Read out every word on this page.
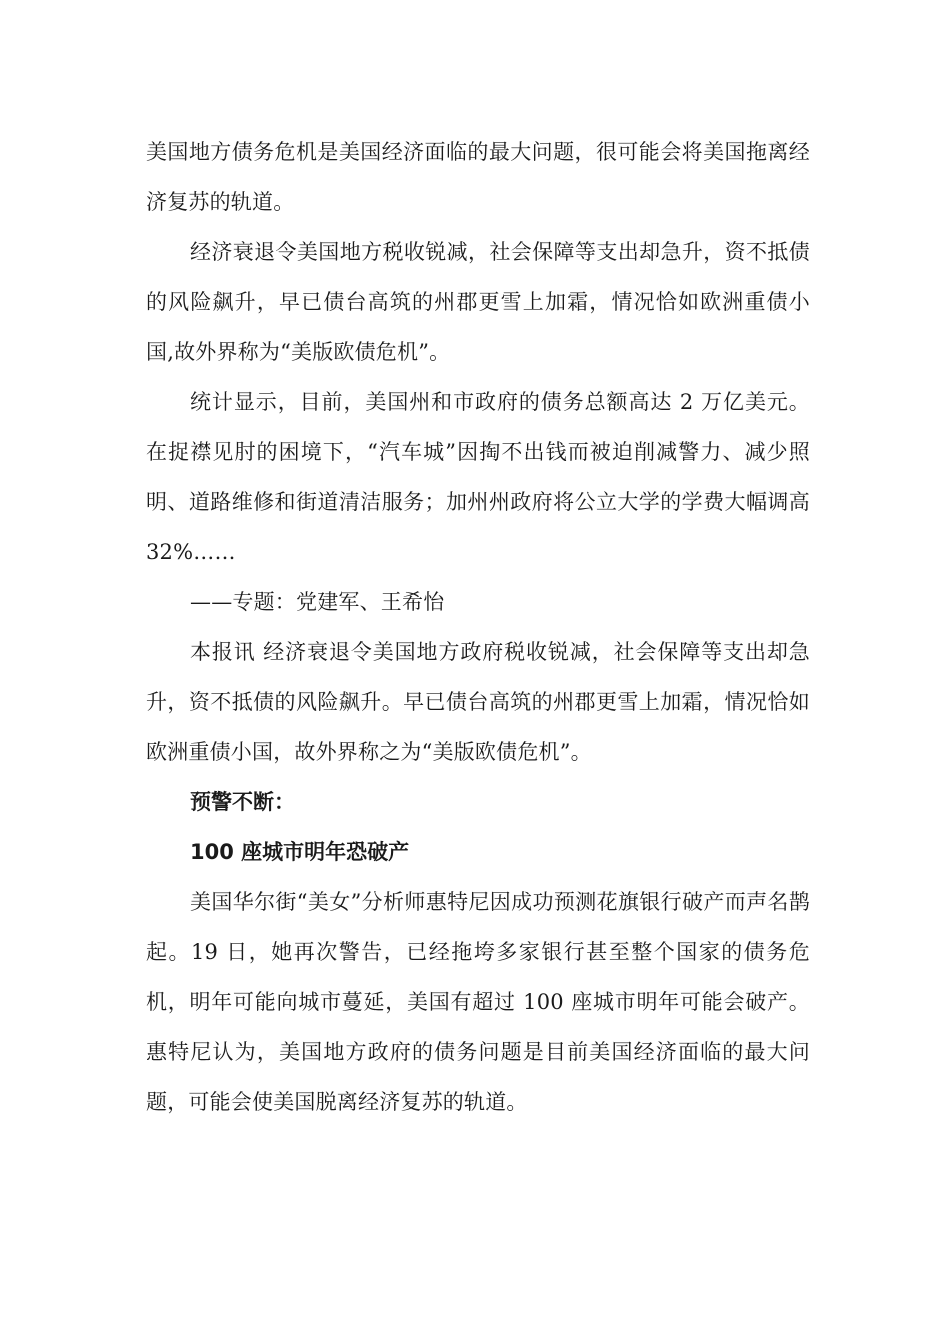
美国地方债务危机是美国经济面临的最大问题，很可能会将美国拖离经济复苏的轨道。

经济衰退令美国地方税收锐减，社会保障等支出却急升，资不抵债的风险飙升，早已债台高筑的州郡更雪上加霜，情况恰如欧洲重债小国,故外界称为“美版欧债危机”。

统计显示，目前，美国州和市政府的债务总额高达 2 万亿美元。在捉襟见肘的困境下，“汽车城”因掏不出钱而被迫削减警力、减少照明、道路维修和街道清洁服务；加州州政府将公立大学的学费大幅调高 32%……

——专题：党建军、王希怡

本报讯 经济衰退令美国地方政府税收锐减，社会保障等支出却急升，资不抵债的风险飙升。早已债台高筑的州郡更雪上加霜，情况恰如欧洲重债小国，故外界称之为“美版欧债危机”。

预警不断：

100 座城市明年恐破产

美国华尔街“美女”分析师惠特尼因成功预测花旗银行破产而声名鹊起。19 日，她再次警告，已经拖垮多家银行甚至整个国家的债务危机，明年可能向城市蔓延，美国有超过 100 座城市明年可能会破产。惠特尼认为，美国地方政府的债务问题是目前美国经济面临的最大问题，可能会使美国脱离经济复苏的轨道。
